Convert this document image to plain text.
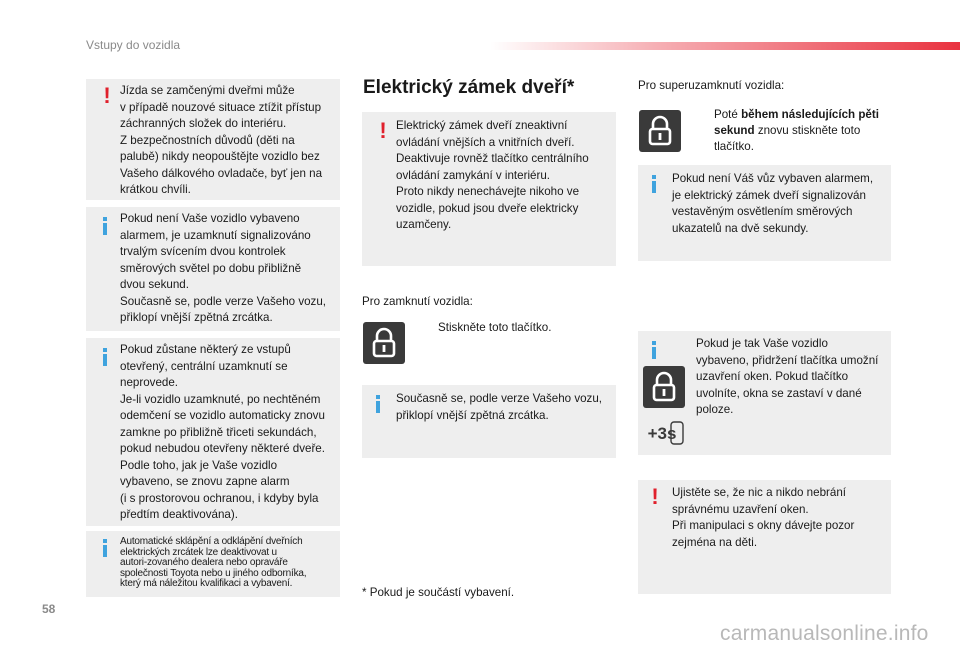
Vstupy do vozidla
! Jízda se zamčenými dveřmi může
v případě nouzové situace ztížit přístup
záchranných složek do interiéru.
Z bezpečnostních důvodů (děti na
palubě) nikdy neopouštějte vozidlo bez
Vašeho dálkového ovladače, byť jen na
krátkou chvíli.
Pokud není Vaše vozidlo vybaveno
alarmem, je uzamknutí signalizováno
trvalým svícením dvou kontrolek
směrových světel po dobu přibližně
dvou sekund.
Současně se, podle verze Vašeho vozu,
přiklopí vnější zpětná zrcátka.
Pokud zůstane některý ze vstupů
otevřený, centrální uzamknutí se
neprovede.
Je-li vozidlo uzamknuté, po nechtěném
odemčení se vozidlo automaticky znovu
zamkne po přibližně třiceti sekundách,
pokud nebudou otevřeny některé dveře.
Podle toho, jak je Vaše vozidlo
vybaveno, se znovu zapne alarm
(i s prostorovou ochranou, i kdyby byla
předtím deaktivována).
Automatické sklápění a odklápění dveřních
elektrických zrcátek lze deaktivovat u
autori-zovaného dealera nebo opraváře
společnosti Toyota nebo u jiného odborníka,
který má náležitou kvalifikaci a vybavení.
Elektrický zámek dveří*
! Elektrický zámek dveří zneaktivní
ovládání vnějších a vnitřních dveří.
Deaktivuje rovněž tlačítko centrálního
ovládání zamykání v interiéru.
Proto nikdy nenechávejte nikoho ve
vozidle, pokud jsou dveře elektricky
uzamčeny.
Pro zamknutí vozidla:
Stiskněte toto tlačítko.
Současně se, podle verze Vašeho vozu,
přiklopí vnější zpětná zrcátka.
* Pokud je součástí vybavení.
Pro superuzamknutí vozidla:
Poté během následujících pěti
sekund znovu stiskněte toto
tlačítko.
Pokud není Váš vůz vybaven alarmem,
je elektrický zámek dveří signalizován
vestavěným osvětlením směrových
ukazatelů na dvě sekundy.
Pokud je tak Vaše vozidlo
vybaveno, přidržení tlačítka umožní
uzavření oken. Pokud tlačítko
uvolníte, okna se zastaví v dané
poloze.
+3s
! Ujistěte se, že nic a nikdo nebrání
správnému uzavření oken.
Při manipulaci s okny dávejte pozor
zejména na děti.
58
carmanualsonline.info
